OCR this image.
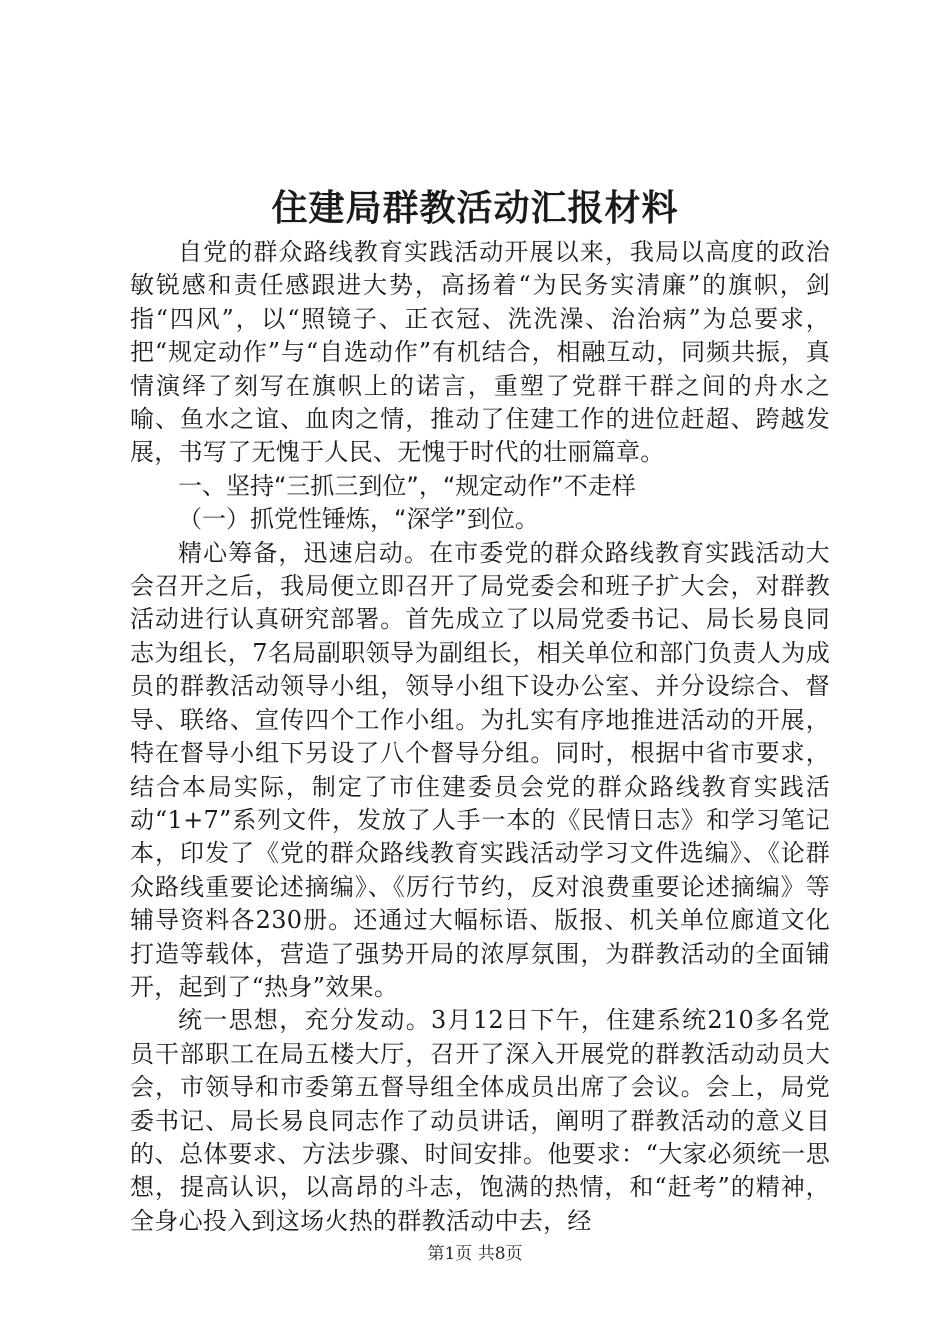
住建局群教活动汇报材料

自党的群众路线教育实践活动开展以来，我局以高度的政治敏锐感和责任感跟进大势，高扬着“为民务实清廉”的旗帜，剑指“四风”，以“照镜子、正衣冠、洗洗澡、治治病”为总要求，把“规定动作”与“自选动作”有机结合，相融互动，同频共振，真情演绎了刻写在旗帜上的诺言，重塑了党群干群之间的舟水之喻、鱼水之谊、血肉之情，推动了住建工作的进位赶超、跨越发展，书写了无愧于人民、无愧于时代的壮丽篇章。

一、坚持“三抓三到位”，“规定动作”不走样

（一）抓党性锤炼，“深学”到位。

精心筹备，迅速启动。在市委党的群众路线教育实践活动大会召开之后，我局便立即召开了局党委会和班子扩大会，对群教活动进行认真研究部署。首先成立了以局党委书记、局长易良同志为组长，7名局副职领导为副组长，相关单位和部门负责人为成员的群教活动领导小组，领导小组下设办公室、并分设综合、督导、联络、宣传四个工作小组。为扎实有序地推进活动的开展，特在督导小组下另设了八个督导分组。同时，根据中省市要求，结合本局实际，制定了市住建委员会党的群众路线教育实践活动“1+7”系列文件，发放了人手一本的《民情日志》和学习笔记本，印发了《党的群众路线教育实践活动学习文件选编》、《论群众路线重要论述摘编》、《厉行节约，反对浪费重要论述摘编》等辅导资料各230册。还通过大幅标语、版报、机关单位廊道文化打造等载体，营造了强势开局的浓厚氛围，为群教活动的全面铺开，起到了“热身”效果。

统一思想，充分发动。3月12日下午，住建系统210多名党员干部职工在局五楼大厅，召开了深入开展党的群教活动动员大会，市领导和市委第五督导组全体成员出席了会议。会上，局党委书记、局长易良同志作了动员讲话，阐明了群教活动的意义目的、总体要求、方法步骤、时间安排。他要求：“大家必须统一思想，提高认识，以高昂的斗志，饱满的热情，和“赶考”的精神，全身心投入到这场火热的群教活动中去，经

第1页 共8页
